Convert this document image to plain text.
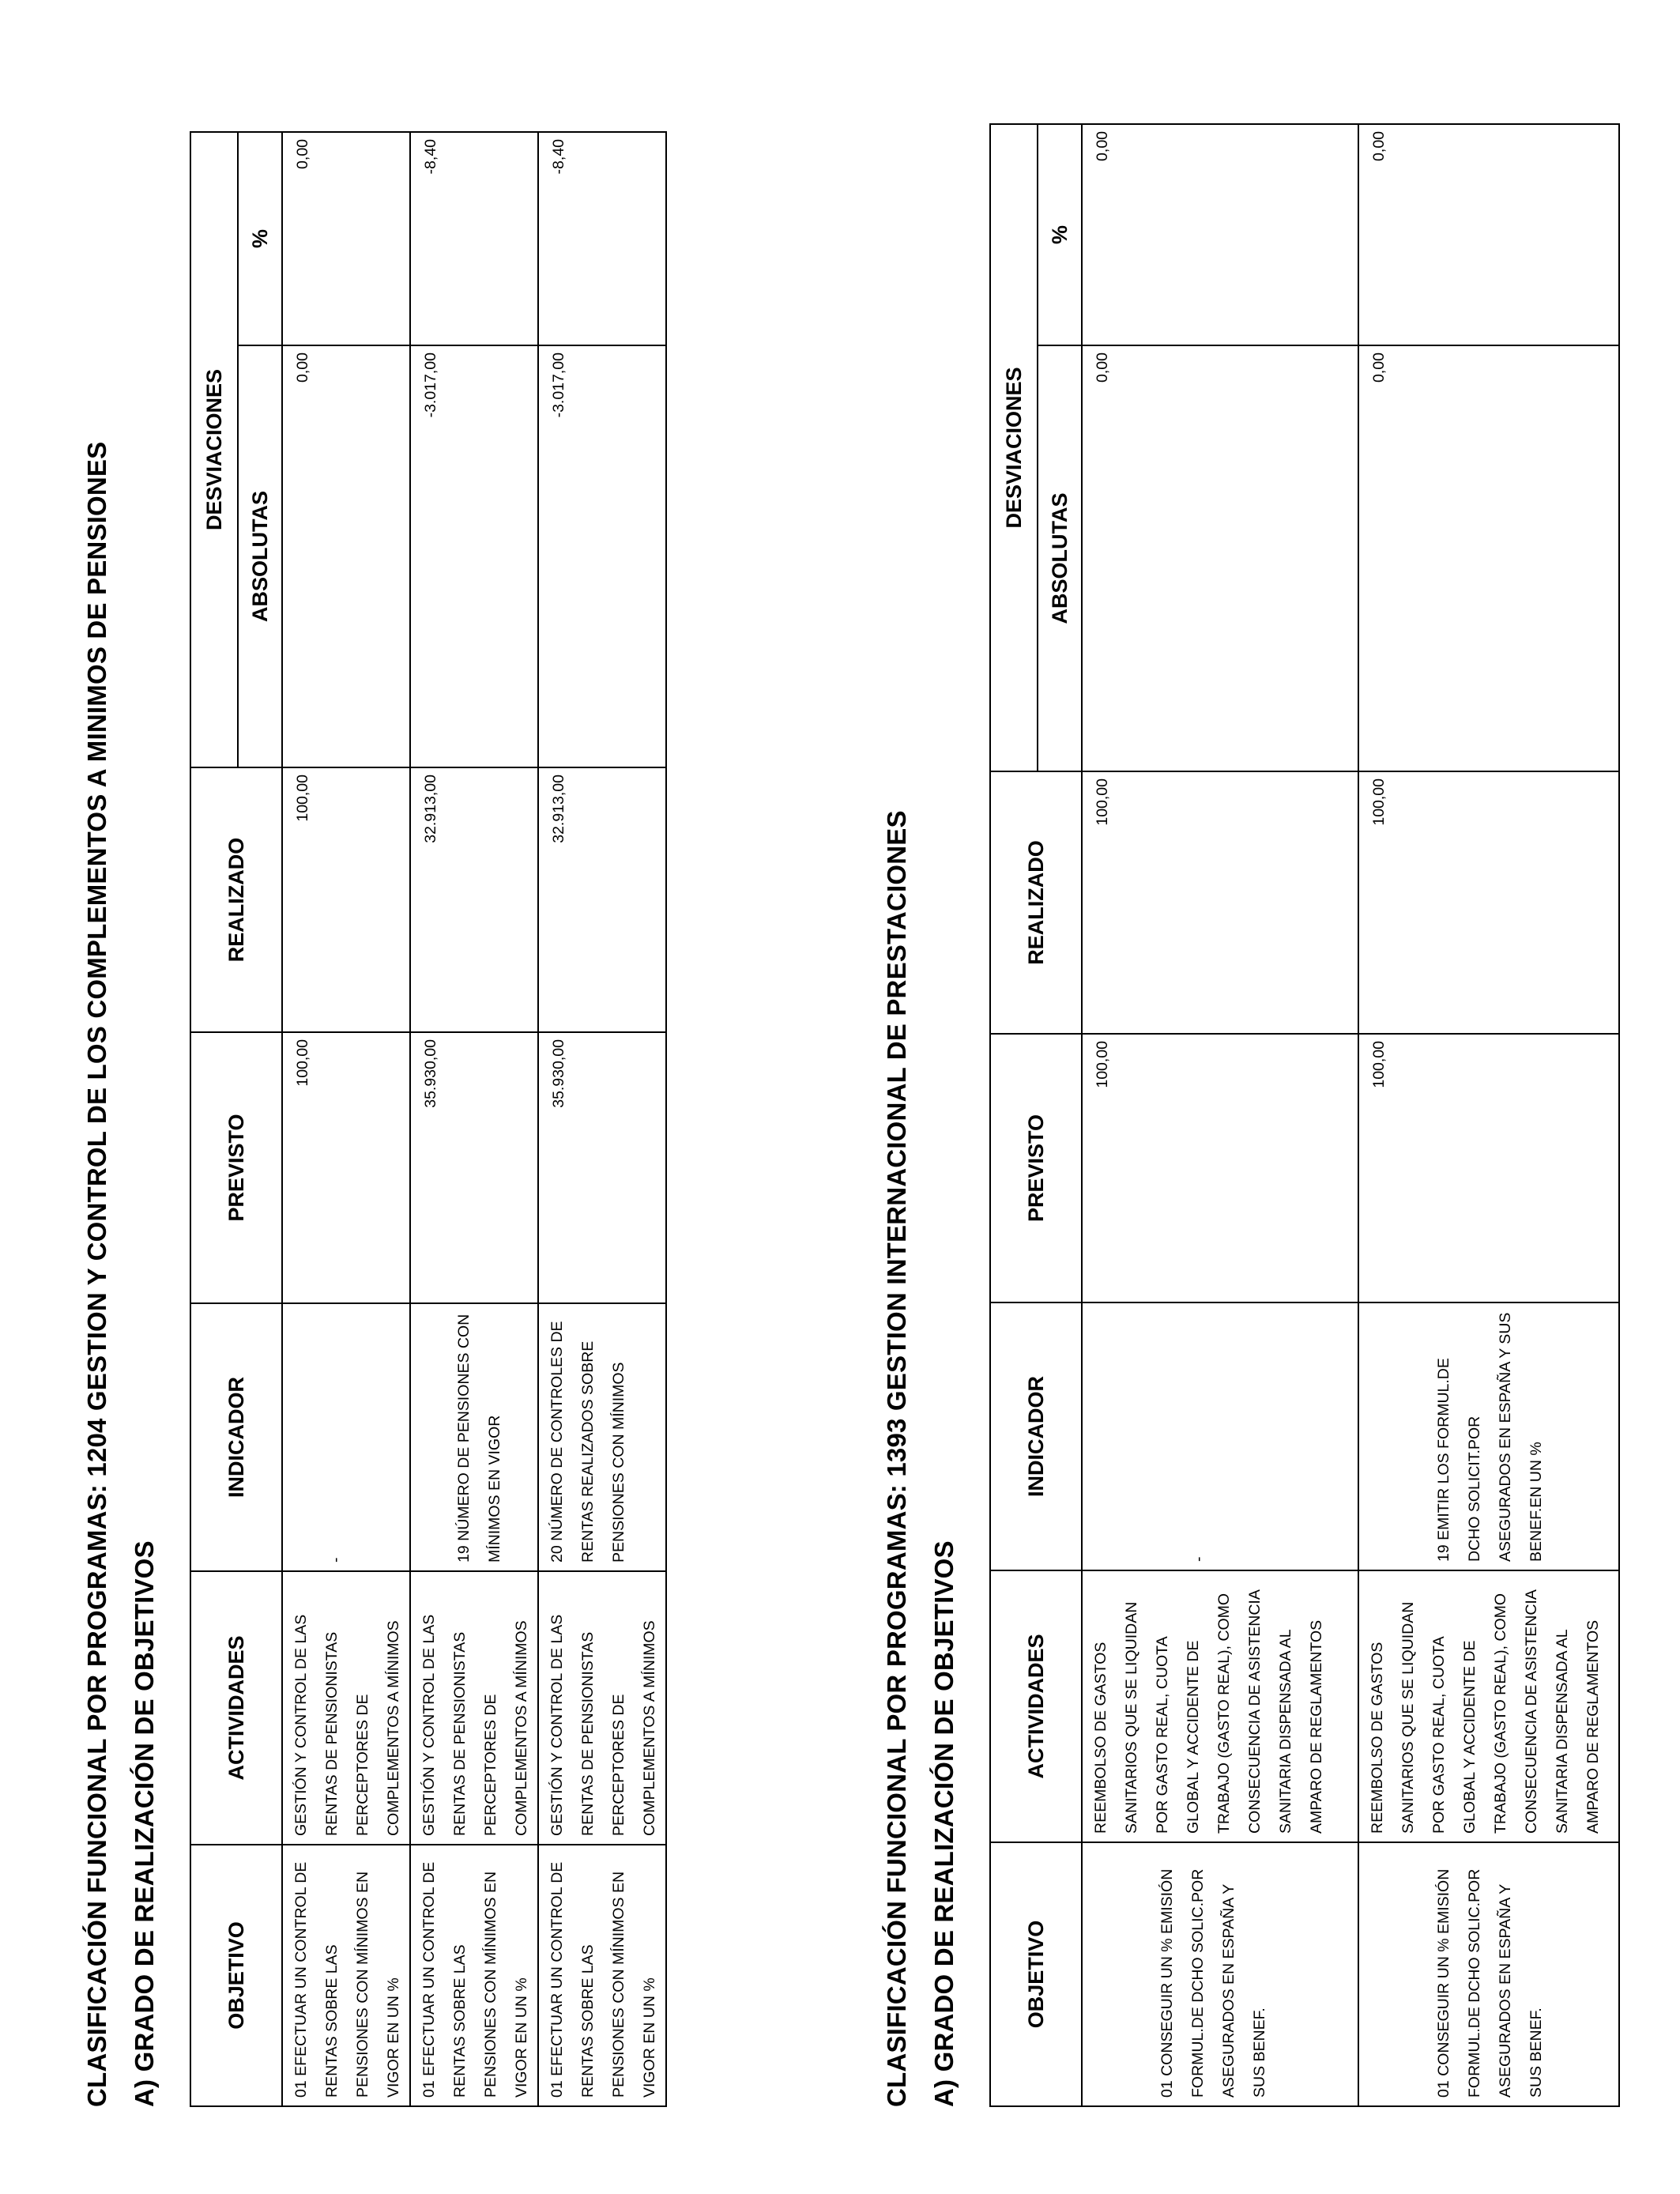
CLASIFICACIÓN FUNCIONAL POR PROGRAMAS: 1204 GESTION Y CONTROL DE LOS COMPLEMENTOS A MINIMOS DE PENSIONES A) GRADO DE REALIZACIÓN DE OBJETIVOS	OBJETIVO	ACTIVIDADES	INDICADOR	PREVISTO	REALIZADO	DESVIACIONES	
					ABSOLUTAS	%

01 EFECTUAR UN CONTROL DE RENTAS SOBRE LAS PENSIONES CON MÍNIMOS EN VIGOR EN UN %	GESTIÓN Y CONTROL DE LAS RENTAS DE PENSIONISTAS PERCEPTORES DE COMPLEMENTOS A MÍNIMOS	-	100,00	100,00	0,00	0,00

01 EFECTUAR UN CONTROL DE RENTAS SOBRE LAS PENSIONES CON MÍNIMOS EN VIGOR EN UN %	GESTIÓN Y CONTROL DE LAS RENTAS DE PENSIONISTAS PERCEPTORES DE COMPLEMENTOS A MÍNIMOS	19 NÚMERO DE PENSIONES CON MÍNIMOS EN VIGOR	35.930,00	32.913,00	-3.017,00	-8,40

01 EFECTUAR UN CONTROL DE RENTAS SOBRE LAS PENSIONES CON MÍNIMOS EN VIGOR EN UN %	GESTIÓN Y CONTROL DE LAS RENTAS DE PENSIONISTAS PERCEPTORES DE COMPLEMENTOS A MÍNIMOS	20 NÚMERO DE CONTROLES DE RENTAS REALIZADOS SOBRE PENSIONES CON MÍNIMOS	35.930,00	32.913,00	-3.017,00	-8,40
CLASIFICACIÓN FUNCIONAL POR PROGRAMAS: 1393 GESTION INTERNACIONAL DE PRESTACIONES A) GRADO DE REALIZACIÓN DE OBJETIVOS	OBJETIVO	ACTIVIDADES	INDICADOR	PREVISTO	REALIZADO	DESVIACIONES	
					ABSOLUTAS	%

01 CONSEGUIR UN % EMISIÓN FORMUL.DE DCHO SOLIC.POR ASEGURADOS EN ESPAÑA Y SUS BENEF.	REEMBOLSO DE GASTOS SANITARIOS QUE SE LIQUIDAN POR GASTO REAL, CUOTA GLOBAL Y ACCIDENTE DE TRABAJO (GASTO REAL), COMO CONSECUENCIA DE ASISTENCIA SANITARIA DISPENSADA AL AMPARO DE REGLAMENTOS	-	100,00	100,00	0,00	0,00

01 CONSEGUIR UN % EMISIÓN FORMUL.DE DCHO SOLIC.POR ASEGURADOS EN ESPAÑA Y SUS BENEF.	REEMBOLSO DE GASTOS SANITARIOS QUE SE LIQUIDAN POR GASTO REAL, CUOTA GLOBAL Y ACCIDENTE DE TRABAJO (GASTO REAL), COMO CONSECUENCIA DE ASISTENCIA SANITARIA DISPENSADA AL AMPARO DE REGLAMENTOS	19 EMITIR LOS FORMUL.DE DCHO SOLICIT.POR ASEGURADOS EN ESPAÑA Y SUS BENEF.EN UN %	100,00	100,00	0,00	0,00
